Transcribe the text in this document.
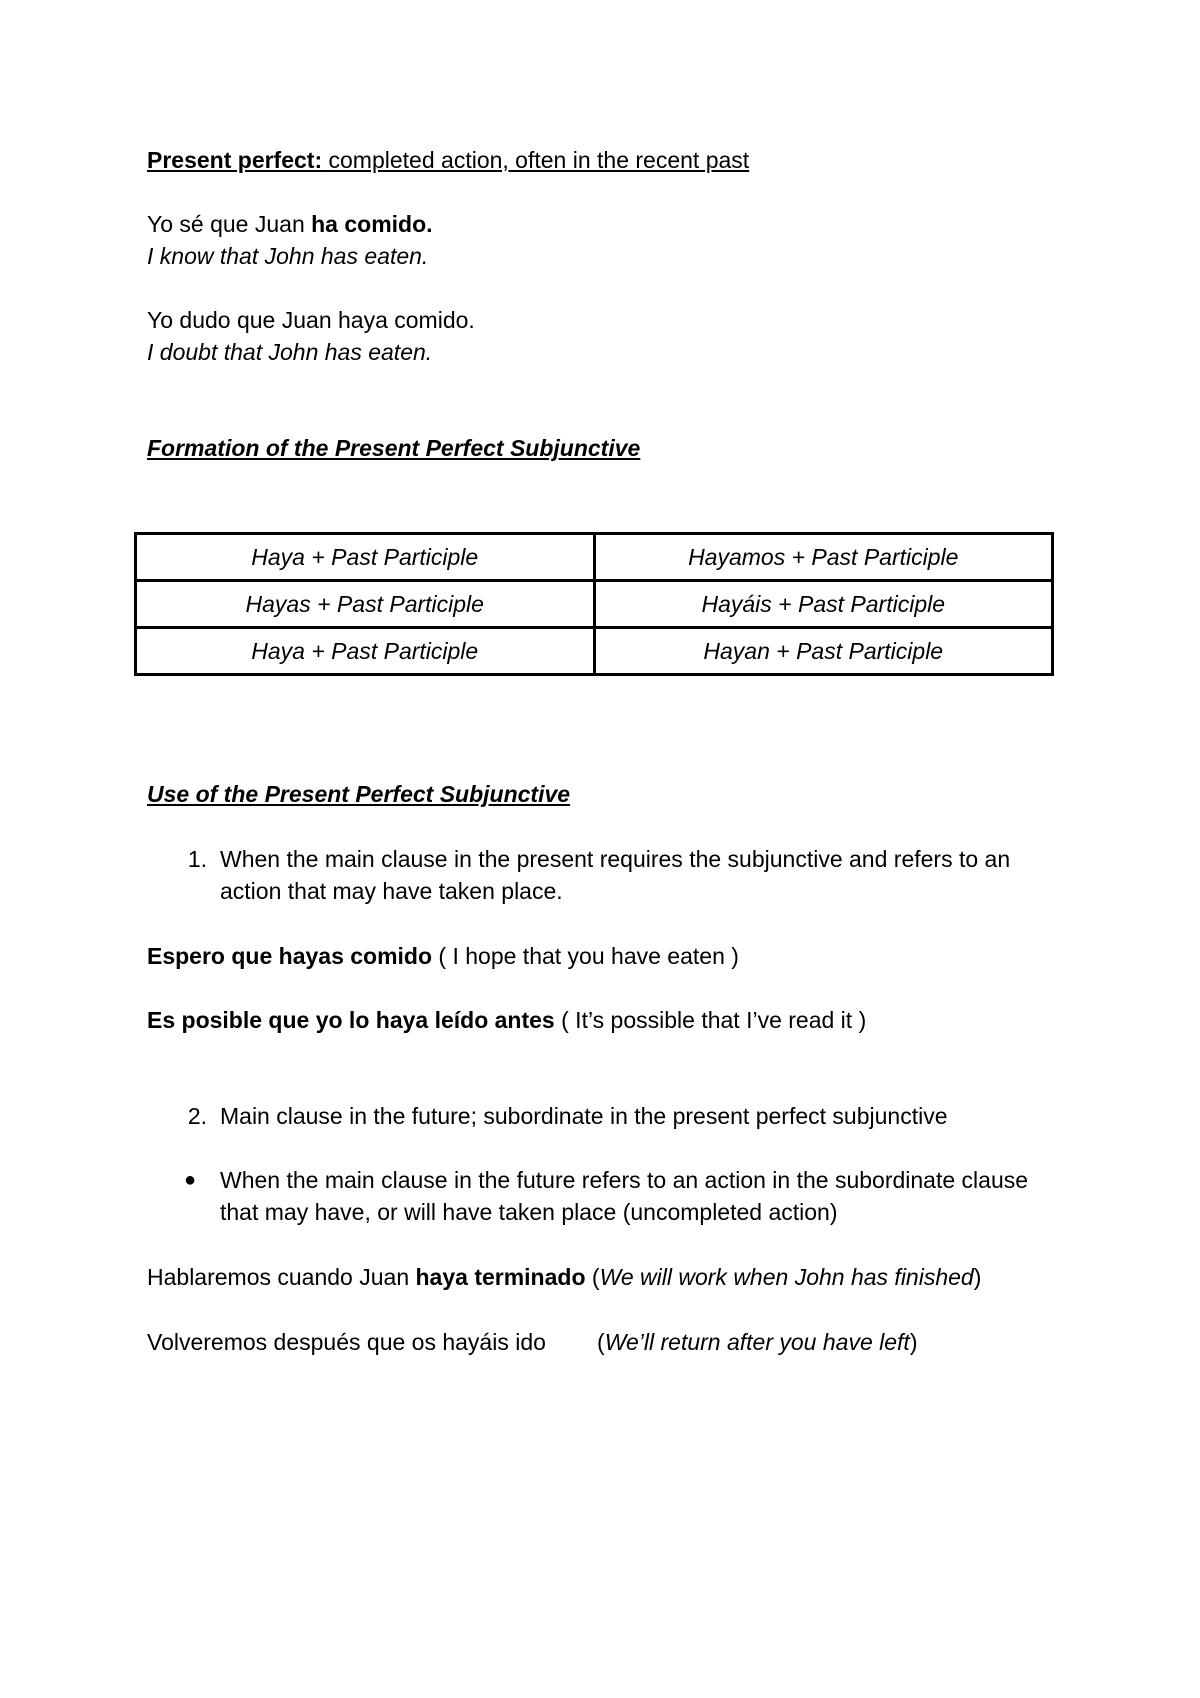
Present perfect: completed action, often in the recent past
Yo sé que Juan ha comido.
I know that John has eaten.
Yo dudo que Juan haya comido.
I doubt that John has eaten.
Formation of the Present Perfect Subjunctive
Haya + Past Participle	Hayamos + Past Participle
Hayas + Past Participle	Hayáis + Past Participle
Haya + Past Participle	Hayan + Past Participle
Use of the Present Perfect Subjunctive
1. When the main clause in the present requires the subjunctive and refers to an action that may have taken place.
Espero que hayas comido ( I hope that you have eaten )
Es posible que yo lo haya leído antes ( It’s possible that I’ve read it )
2. Main clause in the future; subordinate in the present perfect subjunctive
● When the main clause in the future refers to an action in the subordinate clause that may have, or will have taken place (uncompleted action)
Hablaremos cuando Juan haya terminado (We will work when John has finished)
Volveremos después que os hayáis ido        (We’ll return after you have left)
